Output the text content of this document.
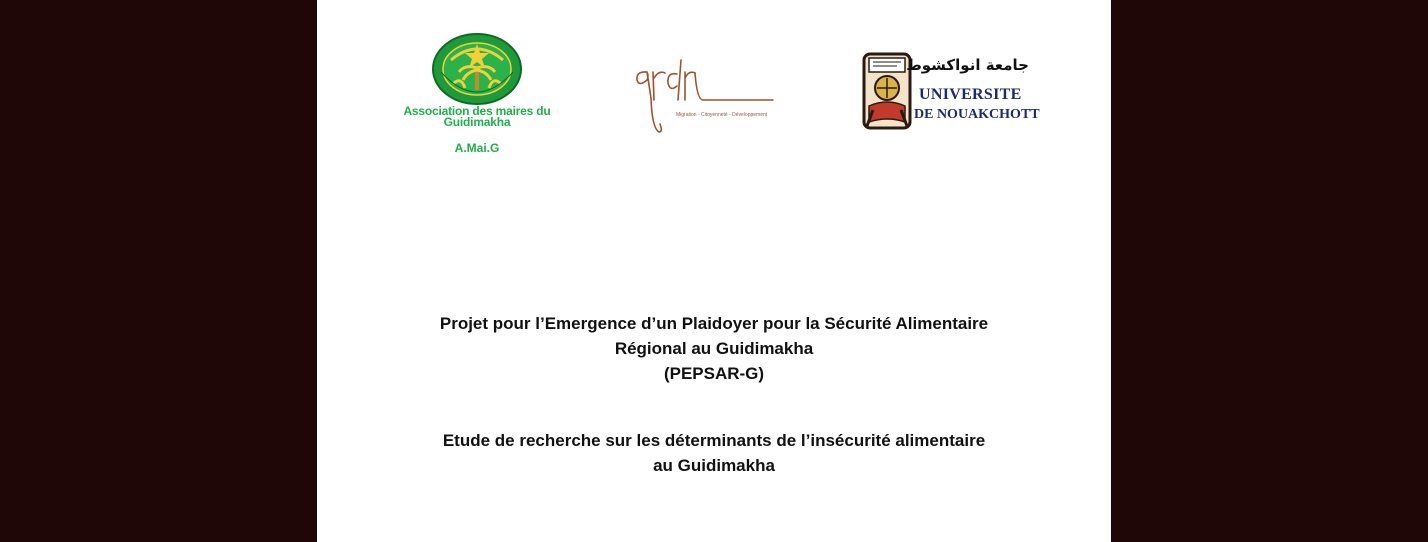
Association des maires du Guidimakha
A.Mai.G
Migration - Citoyenneté - Développement
جامعة انواكشوط
UNIVERSITE
DE NOUAKCHOTT
Projet pour l’Emergence d’un Plaidoyer pour la Sécurité Alimentaire
Régional au Guidimakha
(PEPSAR-G)
Etude de recherche sur les déterminants de l’insécurité alimentaire
au Guidimakha
